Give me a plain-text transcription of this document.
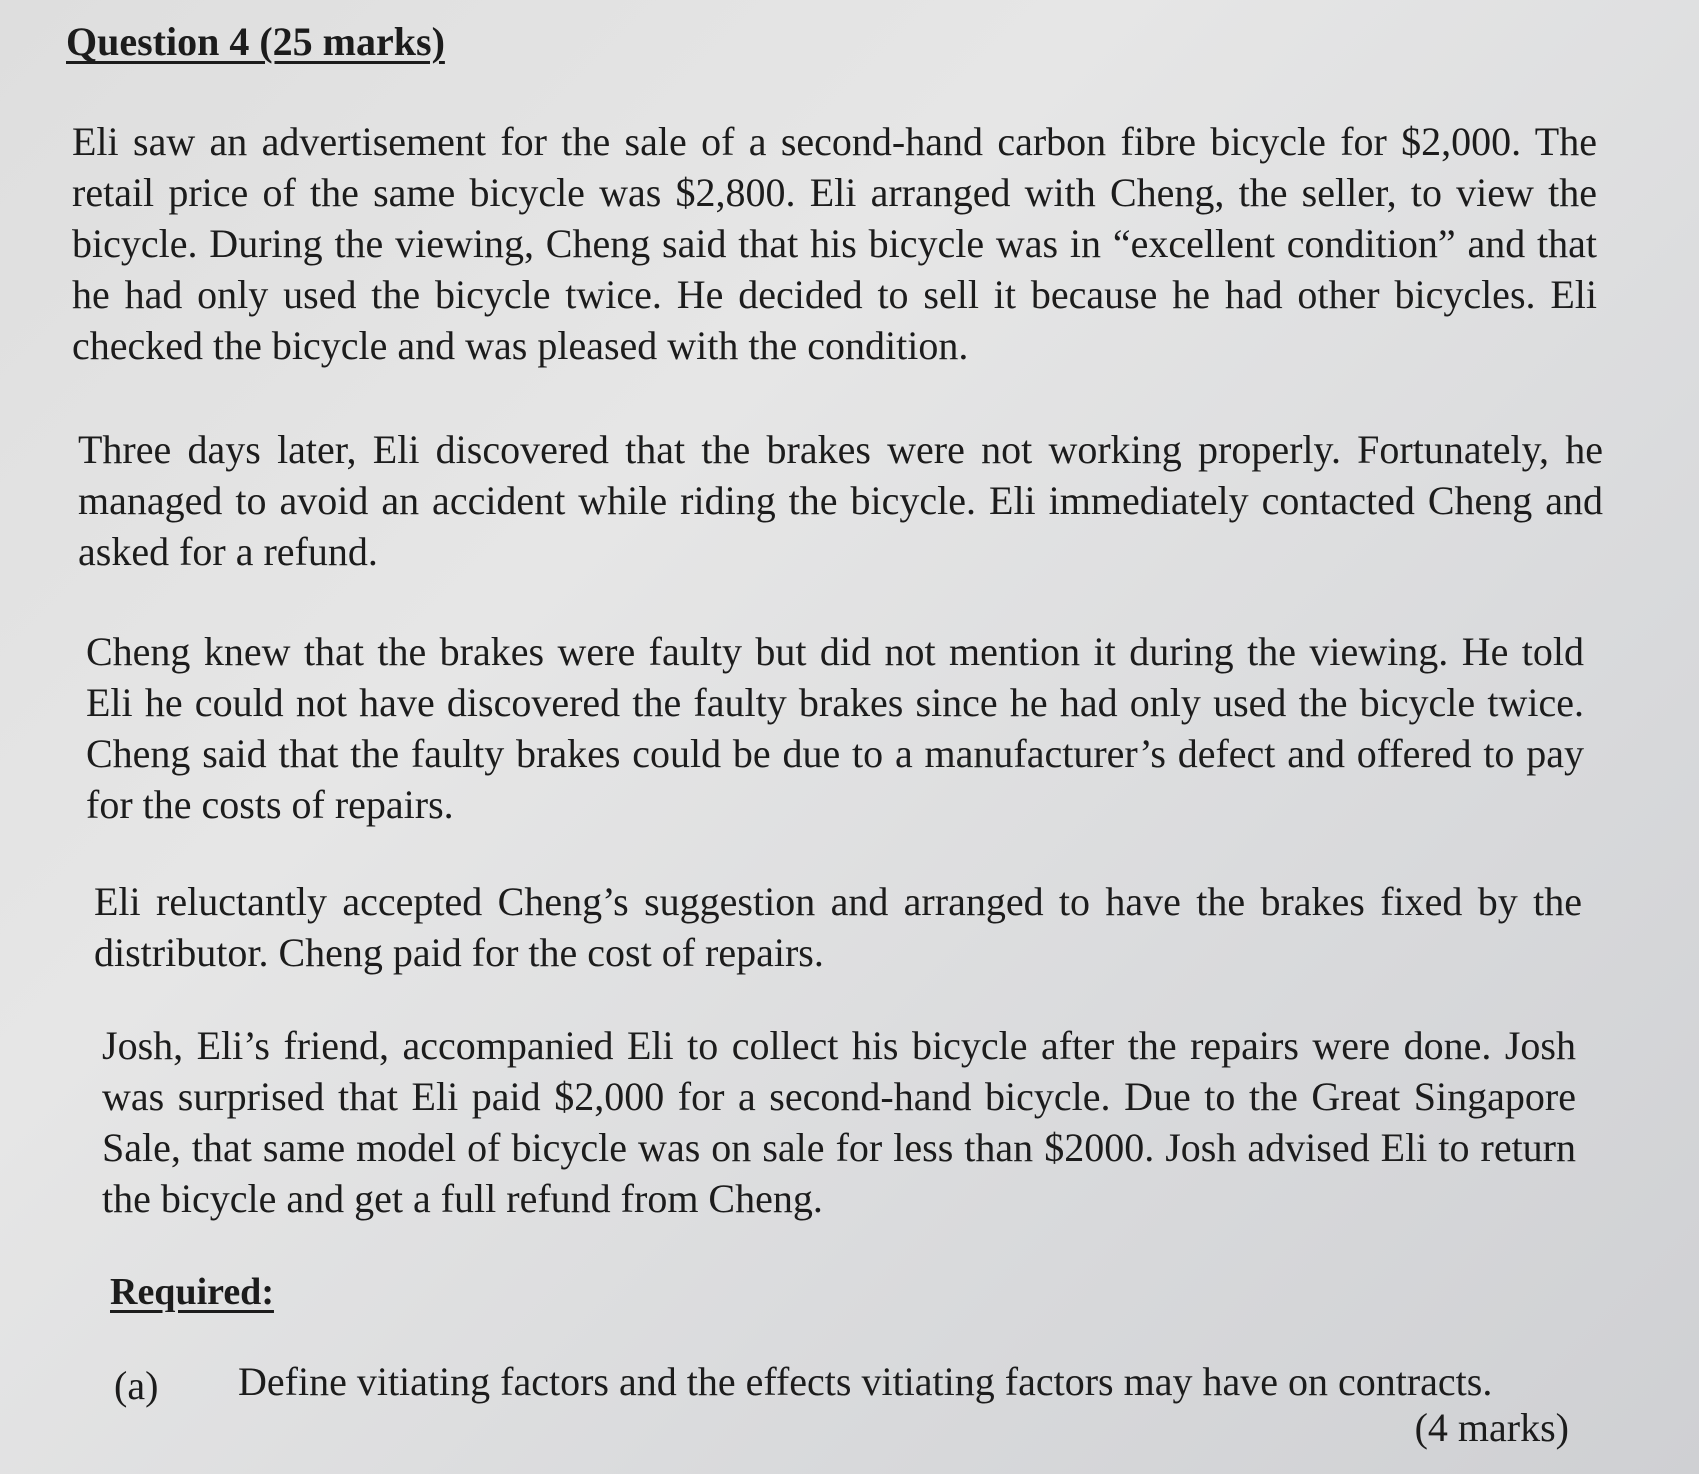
Question 4 (25 marks)

Eli saw an advertisement for the sale of a second-hand carbon fibre bicycle for $2,000. The retail price of the same bicycle was $2,800. Eli arranged with Cheng, the seller, to view the bicycle. During the viewing, Cheng said that his bicycle was in “excellent condition” and that he had only used the bicycle twice. He decided to sell it because he had other bicycles. Eli checked the bicycle and was pleased with the condition.

Three days later, Eli discovered that the brakes were not working properly. Fortunately, he managed to avoid an accident while riding the bicycle. Eli immediately contacted Cheng and asked for a refund.

Cheng knew that the brakes were faulty but did not mention it during the viewing. He told Eli he could not have discovered the faulty brakes since he had only used the bicycle twice. Cheng said that the faulty brakes could be due to a manufacturer’s defect and offered to pay for the costs of repairs.

Eli reluctantly accepted Cheng’s suggestion and arranged to have the brakes fixed by the distributor. Cheng paid for the cost of repairs.

Josh, Eli’s friend, accompanied Eli to collect his bicycle after the repairs were done. Josh was surprised that Eli paid $2,000 for a second-hand bicycle. Due to the Great Singapore Sale, that same model of bicycle was on sale for less than $2000. Josh advised Eli to return the bicycle and get a full refund from Cheng.

Required:
(a) Define vitiating factors and the effects vitiating factors may have on contracts.
(4 marks)
